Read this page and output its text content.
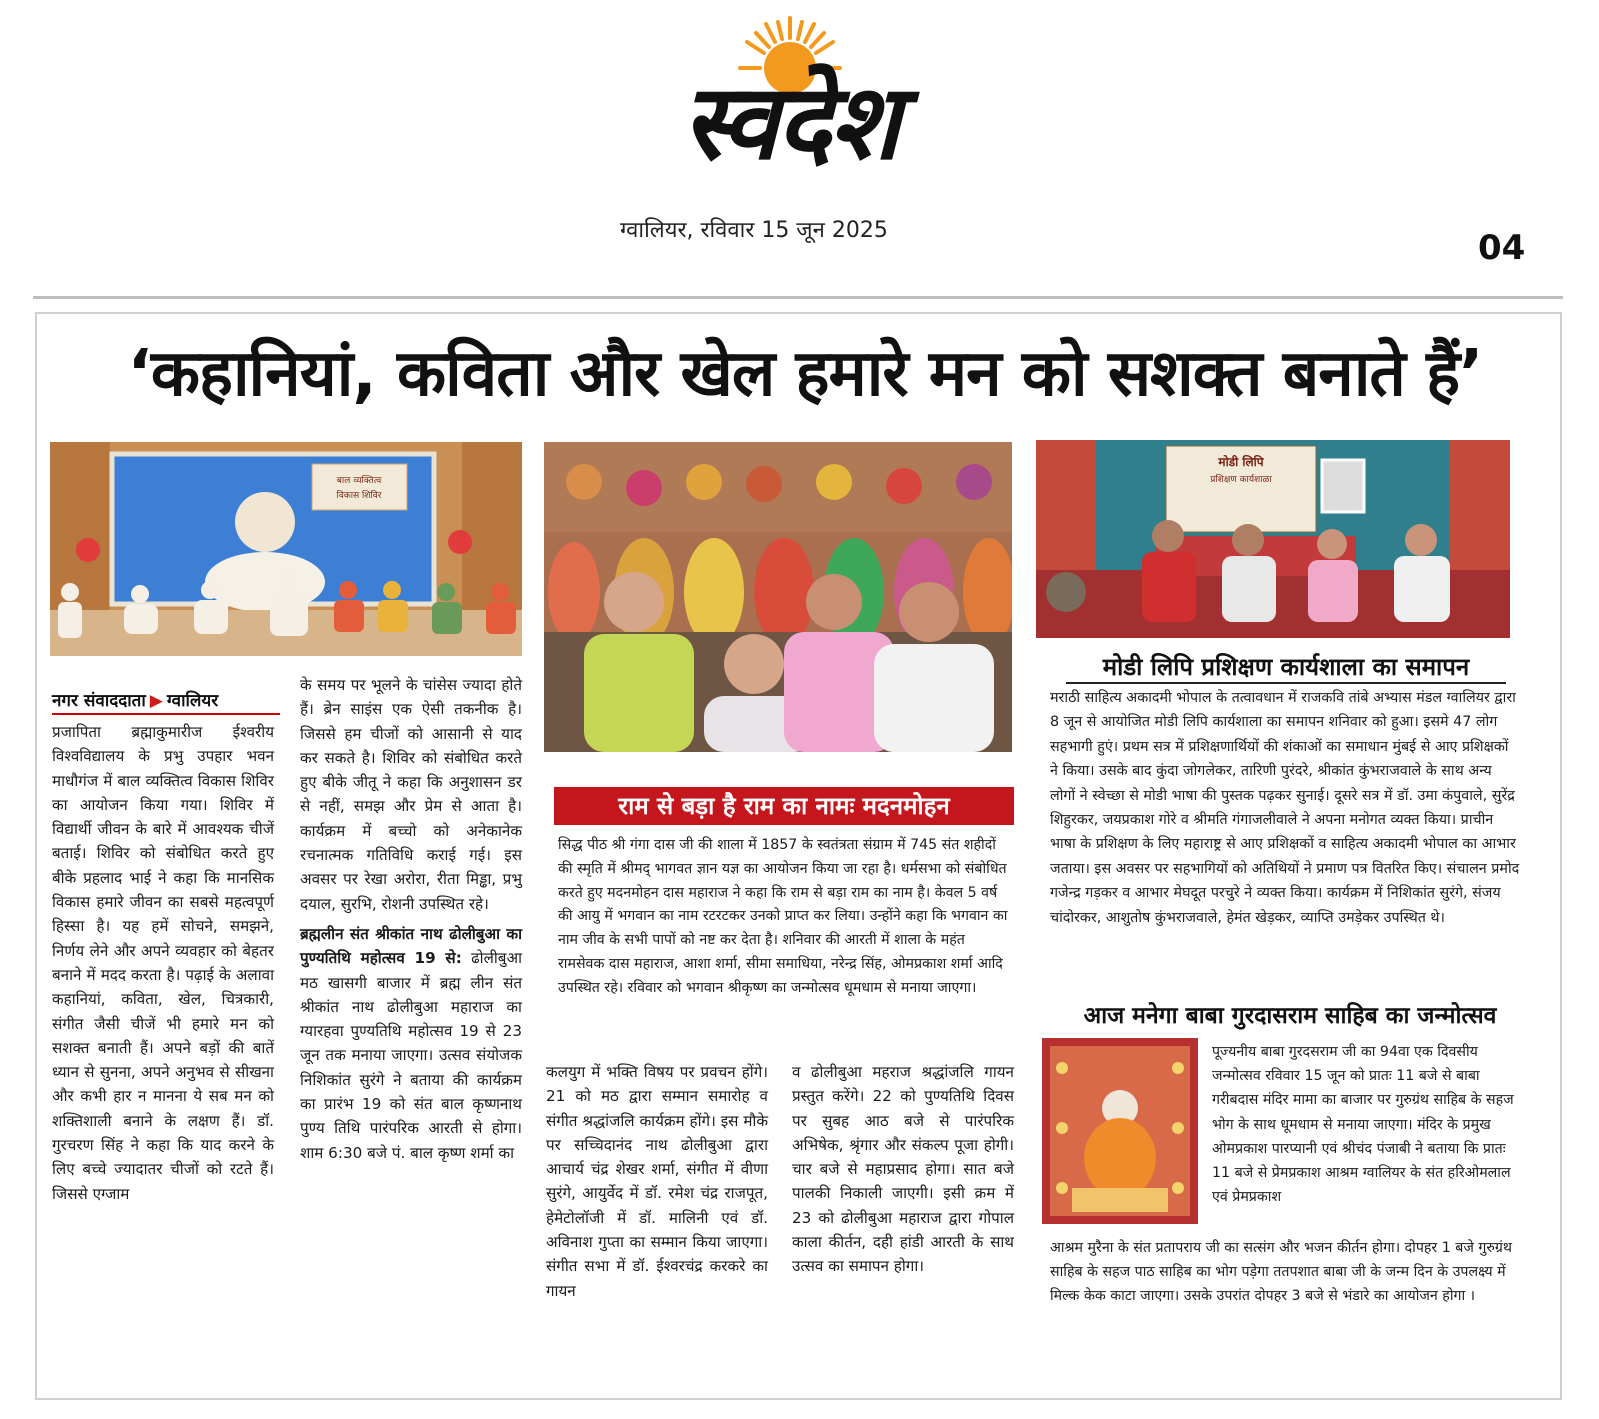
स्वदेश
ग्वालियर, रविवार 15 जून 2025	04
‘कहानियां, कविता और खेल हमारे मन को सशक्त बनाते हैं’
बाल व्यक्तित्व
विकास शिविर
मोडी लिपि
प्रशिक्षण कार्यशाळा
नगर संवाददाता ▶ ग्वालियर

प्रजापिता ब्रह्माकुमारीज ईश्वरीय विश्वविद्यालय के प्रभु उपहार भवन माधौगंज में बाल व्यक्तित्व विकास शिविर का आयोजन किया गया। शिविर में विद्यार्थी जीवन के बारे में आवश्यक चीजें बताई। शिविर को संबोधित करते हुए बीके प्रहलाद भाई ने कहा कि मानसिक विकास हमारे जीवन का सबसे महत्वपूर्ण हिस्सा है। यह हमें सोचने, समझने, निर्णय लेने और अपने व्यवहार को बेहतर बनाने में मदद करता है। पढ़ाई के अलावा कहानियां, कविता, खेल, चित्रकारी, संगीत जैसी चीजें भी हमारे मन को सशक्त बनाती हैं। अपने बड़ों की बातें ध्यान से सुनना, अपने अनुभव से सीखना और कभी हार न मानना ये सब मन को शक्तिशाली बनाने के लक्षण हैं। डॉ. गुरचरण सिंह ने कहा कि याद करने के लिए बच्चे ज्यादातर चीजों को रटते हैं। जिससे एग्जाम

के समय पर भूलने के चांसेस ज्यादा होते हैं। ब्रेन साइंस एक ऐसी तकनीक है। जिससे हम चीजों को आसानी से याद कर सकते है। शिविर को संबोधित करते हुए बीके जीतू ने कहा कि अनुशासन डर से नहीं, समझ और प्रेम से आता है। कार्यक्रम में बच्चो को अनेकानेक रचनात्मक गतिविधि कराई गई। इस अवसर पर रेखा अरोरा, रीता मिड्ढा, प्रभु दयाल, सुरभि, रोशनी उपस्थित रहे।

ब्रह्मलीन संत श्रीकांत नाथ ढोलीबुआ का पुण्यतिथि महोत्सव 19 से: ढोलीबुआ मठ खासगी बाजार में ब्रह्म लीन संत श्रीकांत नाथ ढोलीबुआ महाराज का ग्यारहवा पुण्यतिथि महोत्सव 19 से 23 जून तक मनाया जाएगा। उत्सव संयोजक निशिकांत सुरंगे ने बताया की कार्यक्रम का प्रारंभ 19 को संत बाल कृष्णनाथ पुण्य तिथि पारंपरिक आरती से होगा। शाम 6:30 बजे पं. बाल कृष्ण शर्मा का

राम से बड़ा है राम का नामः मदनमोहन
सिद्ध पीठ श्री गंगा दास जी की शाला में 1857 के स्वतंत्रता संग्राम में 745 संत शहीदों की स्मृति में श्रीमद् भागवत ज्ञान यज्ञ का आयोजन किया जा रहा है। धर्मसभा को संबोधित करते हुए मदनमोहन दास महाराज ने कहा कि राम से बड़ा राम का नाम है। केवल 5 वर्ष की आयु में भगवान का नाम रटरटकर उनको प्राप्त कर लिया। उन्होंने कहा कि भगवान का नाम जीव के सभी पापों को नष्ट कर देता है। शनिवार की आरती में शाला के महंत रामसेवक दास महाराज, आशा शर्मा, सीमा समाधिया, नरेन्द्र सिंह, ओमप्रकाश शर्मा आदि उपस्थित रहे। रविवार को भगवान श्रीकृष्ण का जन्मोत्सव धूमधाम से मनाया जाएगा।

कलयुग में भक्ति विषय पर प्रवचन होंगे। 21 को मठ द्वारा सम्मान समारोह व संगीत श्रद्धांजलि कार्यक्रम होंगे। इस मौके पर सच्चिदानंद नाथ ढोलीबुआ द्वारा आचार्य चंद्र शेखर शर्मा, संगीत में वीणा सुरंगे, आयुर्वेद में डॉ. रमेश चंद्र राजपूत, हेमेटोलॉजी में डॉ. मालिनी एवं डॉ. अविनाश गुप्ता का सम्मान किया जाएगा। संगीत सभा में डॉ. ईश्वरचंद्र करकरे का गायन

व ढोलीबुआ महराज श्रद्धांजलि गायन प्रस्तुत करेंगे। 22 को पुण्यतिथि दिवस पर सुबह आठ बजे से पारंपरिक अभिषेक, श्रृंगार और संकल्प पूजा होगी। चार बजे से महाप्रसाद होगा। सात बजे पालकी निकाली जाएगी। इसी क्रम में 23 को ढोलीबुआ महाराज द्वारा गोपाल काला कीर्तन, दही हांडी आरती के साथ उत्सव का समापन होगा।

मोडी लिपि प्रशिक्षण कार्यशाला का समापन
मराठी साहित्य अकादमी भोपाल के तत्वावधान में राजकवि तांबे अभ्यास मंडल ग्वालियर द्वारा 8 जून से आयोजित मोडी लिपि कार्यशाला का समापन शनिवार को हुआ। इसमे 47 लोग सहभागी हुएं। प्रथम सत्र में प्रशिक्षणार्थियों की शंकाओं का समाधान मुंबई से आए प्रशिक्षकों ने किया। उसके बाद कुंदा जोगलेकर, तारिणी पुरंदरे, श्रीकांत कुंभराजवाले के साथ अन्य लोगों ने स्वेच्छा से मोडी भाषा की पुस्तक पढ़कर सुनाई। दूसरे सत्र में डॉ. उमा कंपुवाले, सुरेंद्र शिहुरकर, जयप्रकाश गोरे व श्रीमति गंगाजलीवाले ने अपना मनोगत व्यक्त किया। प्राचीन भाषा के प्रशिक्षण के लिए महाराष्ट्र से आए प्रशिक्षकों व साहित्य अकादमी भोपाल का आभार जताया। इस अवसर पर सहभागियों को अतिथियों ने प्रमाण पत्र वितरित किए। संचालन प्रमोद गजेन्द्र गड़कर व आभार मेघदूत परचुरे ने व्यक्त किया। कार्यक्रम में निशिकांत सुरंगे, संजय चांदोरकर, आशुतोष कुंभराजवाले, हेमंत खेड़कर, व्याप्ति उमड़ेकर उपस्थित थे।
आज मनेगा बाबा गुरदासराम साहिब का जन्मोत्सव
पूज्यनीय बाबा गुरदसराम जी का 94वा एक दिवसीय जन्मोत्सव रविवार 15 जून को प्रातः 11 बजे से बाबा गरीबदास मंदिर मामा का बाजार पर गुरुग्रंथ साहिब के सहज भोग के साथ धूमधाम से मनाया जाएगा। मंदिर के प्रमुख ओमप्रकाश पारप्यानी एवं श्रीचंद पंजाबी ने बताया कि प्रातः 11 बजे से प्रेमप्रकाश आश्रम ग्वालियर के संत हरिओमलाल एवं प्रेमप्रकाश
आश्रम मुरैना के संत प्रतापराय जी का सत्संग और भजन कीर्तन होगा। दोपहर 1 बजे गुरुग्रंथ साहिब के सहज पाठ साहिब का भोग पड़ेगा ततपशात बाबा जी के जन्म दिन के उपलक्ष्य में मिल्क केक काटा जाएगा। उसके उपरांत दोपहर 3 बजे से भंडारे का आयोजन होगा ।
